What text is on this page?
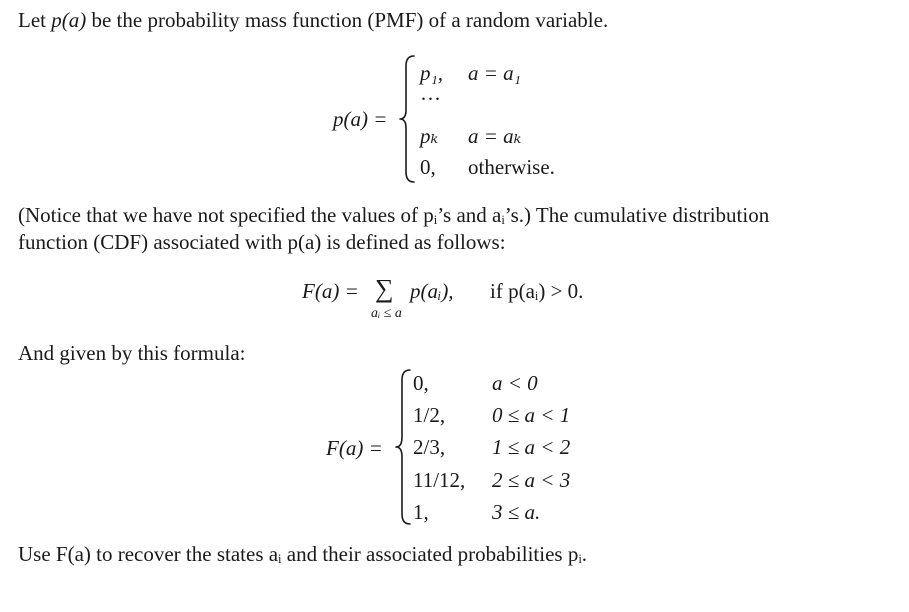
Let p(a) be the probability mass function (PMF) of a random variable.
p(a) =
p₁, a = a₁
···
pₖ a = aₖ
0, otherwise.
(Notice that we have not specified the values of pᵢ’s and aᵢ’s.) The cumulative distribution
function (CDF) associated with p(a) is defined as follows:
F(a) = ∑
aᵢ ≤ a
p(aᵢ), if p(aᵢ) > 0.
And given by this formula:
F(a) =
0,	a < 0
1/2, 0 ≤ a < 1
2/3, 1 ≤ a < 2
11/12, 2 ≤ a < 3
1,	3 ≤ a.
Use F(a) to recover the states aᵢ and their associated probabilities pᵢ.
